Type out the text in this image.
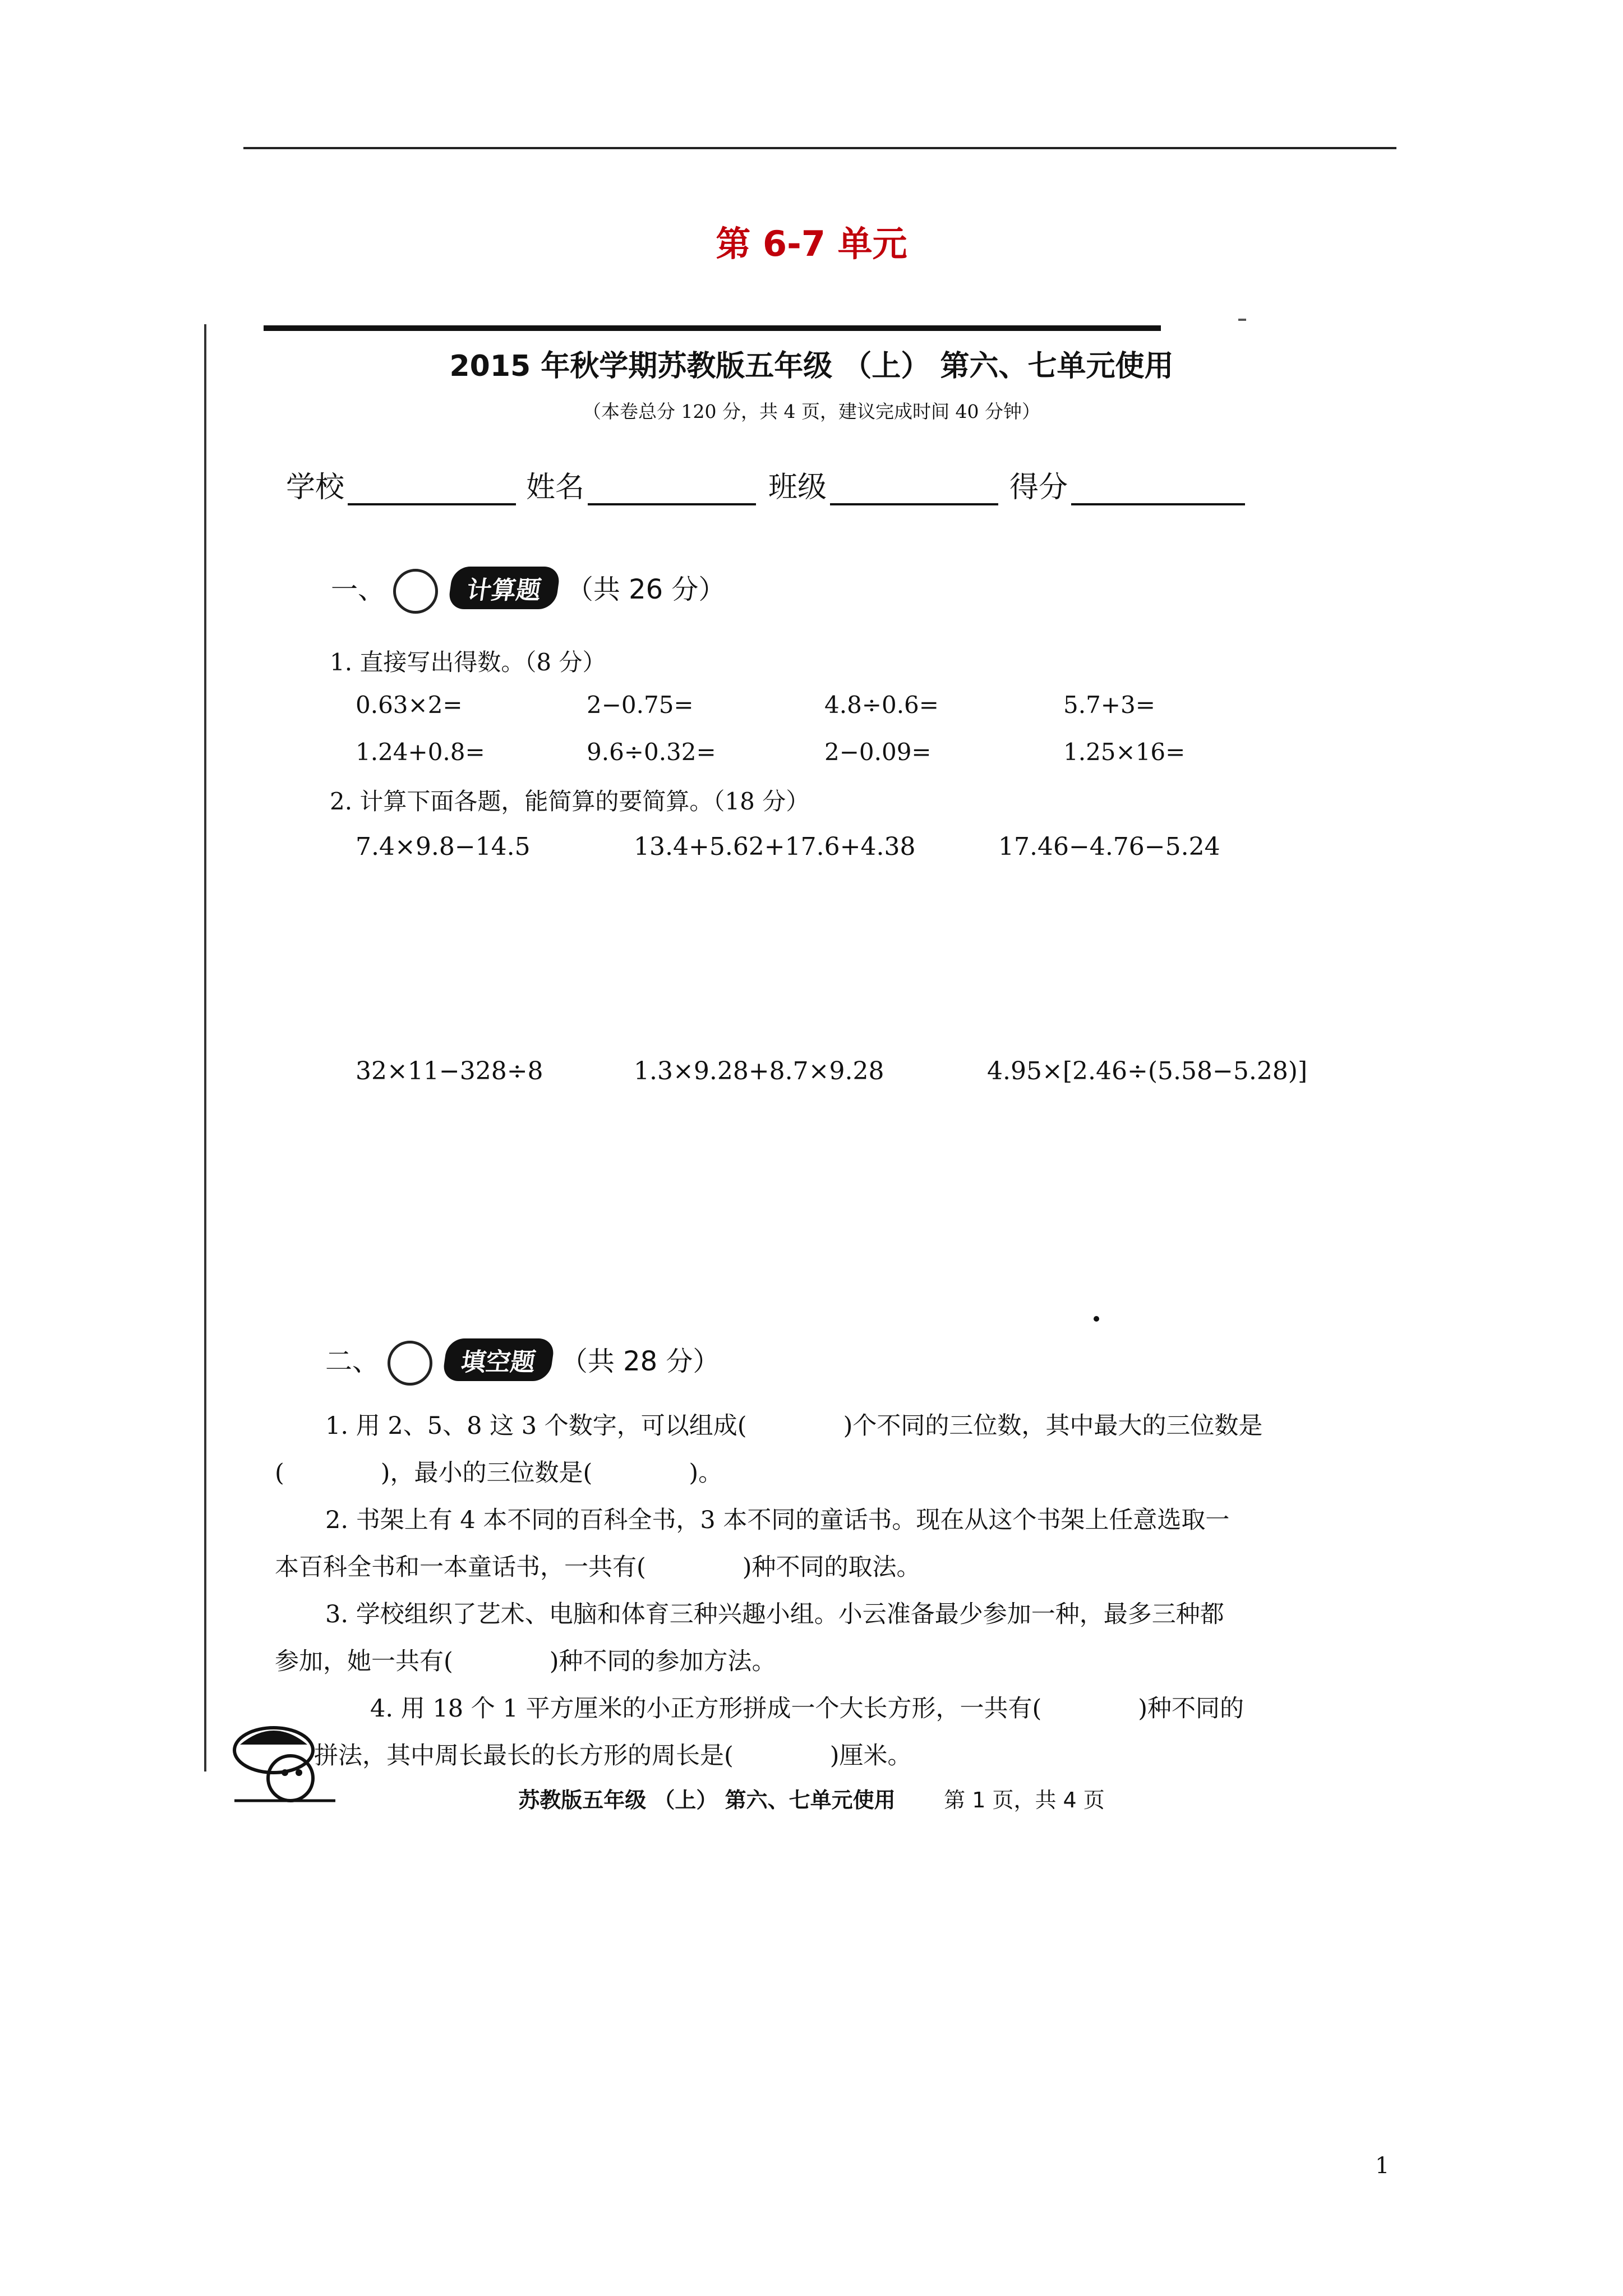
第 6-7 单元
2015 年秋学期苏教版五年级 （上） 第六、七单元使用
（本卷总分 120 分，共 4 页，建议完成时间 40 分钟）
学校	姓名	班级	得分
一、	计算题 （共 26 分）
1. 直接写出得数。（8 分）
0.63×2=	2−0.75=	4.8÷0.6=	5.7+3=
1.24+0.8=	9.6÷0.32=	2−0.09=	1.25×16=
2. 计算下面各题，能简算的要简算。（18 分）
7.4×9.8−14.5	13.4+5.62+17.6+4.38	17.46−4.76−5.24
32×11−328÷8	1.3×9.28+8.7×9.28	4.95×[2.46÷(5.58−5.28)]
二、	填空题 （共 28 分）
1. 用 2、5、8 这 3 个数字，可以组成(　　　　)个不同的三位数，其中最大的三位数是
(　　　　)，最小的三位数是(　　　　)。
2. 书架上有 4 本不同的百科全书，3 本不同的童话书。现在从这个书架上任意选取一
本百科全书和一本童话书，一共有(　　　　)种不同的取法。
3. 学校组织了艺术、电脑和体育三种兴趣小组。小云准备最少参加一种，最多三种都
参加，她一共有(　　　　)种不同的参加方法。
4. 用 18 个 1 平方厘米的小正方形拼成一个大长方形，一共有(　　　　)种不同的
拼法，其中周长最长的长方形的周长是(　　　　)厘米。
苏教版五年级 （上） 第六、七单元使用 第 1 页，共 4 页
1
